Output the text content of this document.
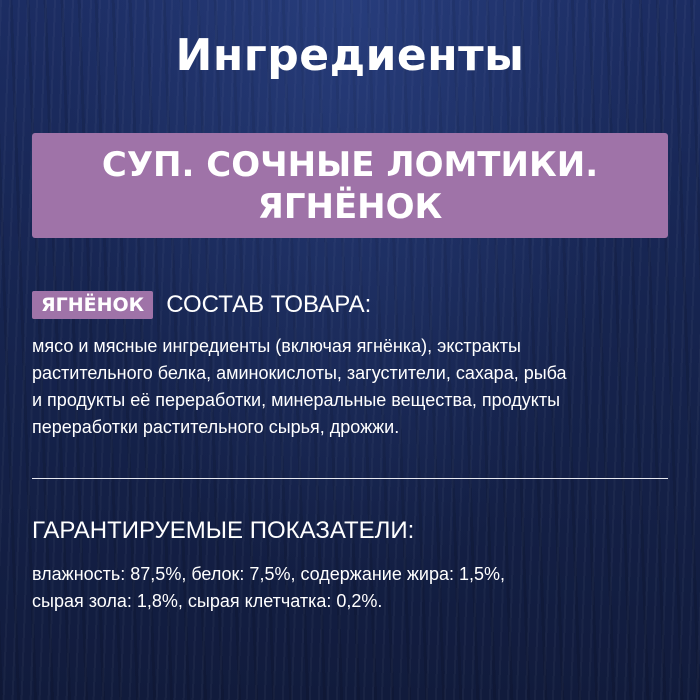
Ингредиенты
СУП. СОЧНЫЕ ЛОМТИКИ.
ЯГНЁНОК
ЯГНЁНОК СОСТАВ ТОВАРА:
мясо и мясные ингредиенты (включая ягнёнка), экстракты
растительного белка, аминокислоты, загустители, сахара, рыба
и продукты её переработки, минеральные вещества, продукты
переработки растительного сырья, дрожжи.
ГАРАНТИРУЕМЫЕ ПОКАЗАТЕЛИ:
влажность: 87,5%, белок: 7,5%, содержание жира: 1,5%,
сырая зола: 1,8%, сырая клетчатка: 0,2%.
